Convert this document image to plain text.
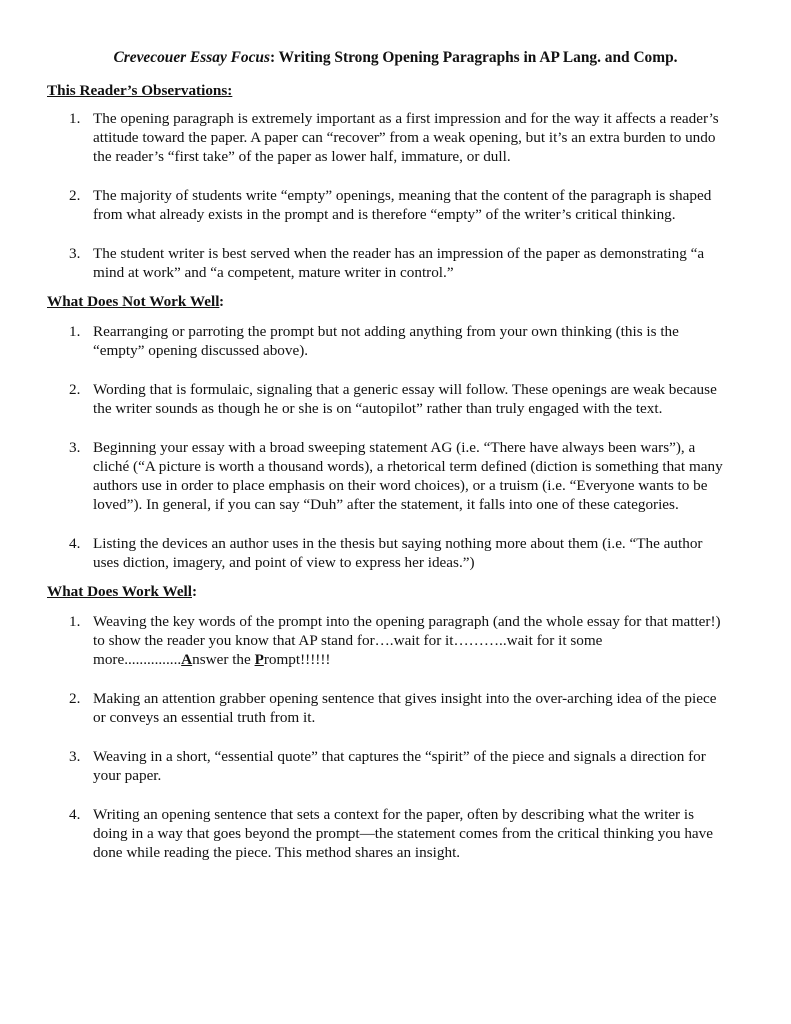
Crevecouer Essay Focus: Writing Strong Opening Paragraphs in AP Lang. and Comp.
This Reader’s Observations:
1. The opening paragraph is extremely important as a first impression and for the way it affects a reader’s
attitude toward the paper. A paper can “recover” from a weak opening, but it’s an extra burden to undo
the reader’s “first take” of the paper as lower half, immature, or dull.
2. The majority of students write “empty” openings, meaning that the content of the paragraph is shaped
from what already exists in the prompt and is therefore “empty” of the writer’s critical thinking.
3. The student writer is best served when the reader has an impression of the paper as demonstrating “a
mind at work” and “a competent, mature writer in control.”
What Does Not Work Well :
1. Rearranging or parroting the prompt but not adding anything from your own thinking (this is the
“empty” opening discussed above).
2. Wording that is formulaic, signaling that a generic essay will follow. These openings are weak because
the writer sounds as though he or she is on “autopilot” rather than truly engaged with the text.
3. Beginning your essay with a broad sweeping statement AG (i.e. “There have always been wars”), a
cliché (“A picture is worth a thousand words), a rhetorical term defined (diction is something that many
authors use in order to place emphasis on their word choices), or a truism (i.e. “Everyone wants to be
loved”). In general, if you can say “Duh” after the statement, it falls into one of these categories.
4. Listing the devices an author uses in the thesis but saying nothing more about them (i.e. “The author
uses diction, imagery, and point of view to express her ideas.”)
What Does Work Well :
1. Weaving the key words of the prompt into the opening paragraph (and the whole essay for that matter!)
to show the reader you know that AP stand for….wait for it………..wait for it some
more...............Answer the Prompt!!!!!!
2. Making an attention grabber opening sentence that gives insight into the over-arching idea of the piece
or conveys an essential truth from it.
3. Weaving in a short, “essential quote” that captures the “spirit” of the piece and signals a direction for
your paper.
4. Writing an opening sentence that sets a context for the paper, often by describing what the writer is
doing in a way that goes beyond the prompt—the statement comes from the critical thinking you have
done while reading the piece. This method shares an insight.
